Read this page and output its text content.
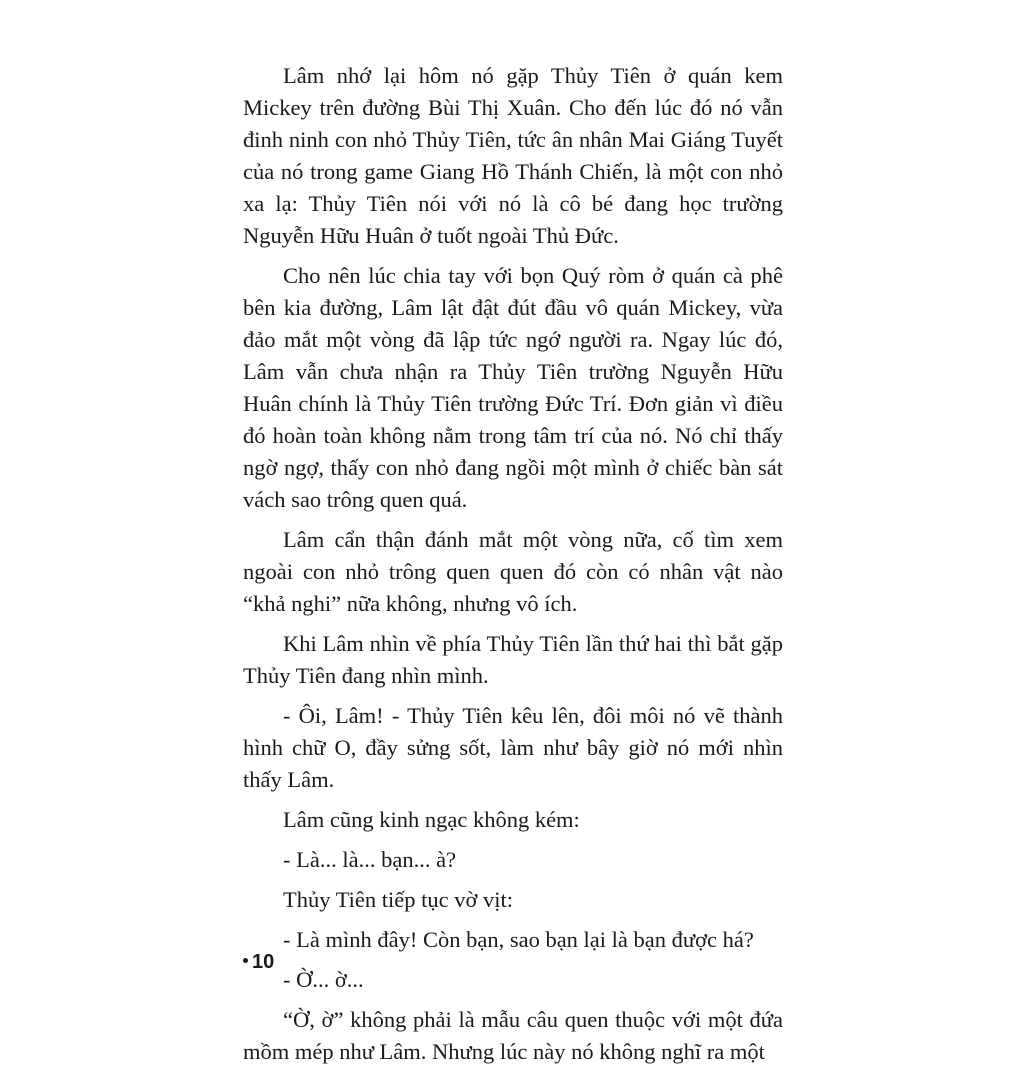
Lâm nhớ lại hôm nó gặp Thủy Tiên ở quán kem Mickey trên đường Bùi Thị Xuân. Cho đến lúc đó nó vẫn đinh ninh con nhỏ Thủy Tiên, tức ân nhân Mai Giáng Tuyết của nó trong game Giang Hồ Thánh Chiến, là một con nhỏ xa lạ: Thủy Tiên nói với nó là cô bé đang học trường Nguyễn Hữu Huân ở tuốt ngoài Thủ Đức.

Cho nên lúc chia tay với bọn Quý ròm ở quán cà phê bên kia đường, Lâm lật đật đút đầu vô quán Mickey, vừa đảo mắt một vòng đã lập tức ngớ người ra. Ngay lúc đó, Lâm vẫn chưa nhận ra Thủy Tiên trường Nguyễn Hữu Huân chính là Thủy Tiên trường Đức Trí. Đơn giản vì điều đó hoàn toàn không nằm trong tâm trí của nó. Nó chỉ thấy ngờ ngợ, thấy con nhỏ đang ngồi một mình ở chiếc bàn sát vách sao trông quen quá.

Lâm cẩn thận đánh mắt một vòng nữa, cố tìm xem ngoài con nhỏ trông quen quen đó còn có nhân vật nào “khả nghi” nữa không, nhưng vô ích.

Khi Lâm nhìn về phía Thủy Tiên lần thứ hai thì bắt gặp Thủy Tiên đang nhìn mình.

- Ôi, Lâm! - Thủy Tiên kêu lên, đôi môi nó vẽ thành hình chữ O, đầy sửng sốt, làm như bây giờ nó mới nhìn thấy Lâm.

Lâm cũng kinh ngạc không kém:

- Là... là... bạn... à?

Thủy Tiên tiếp tục vờ vịt:

- Là mình đây! Còn bạn, sao bạn lại là bạn được há?

- Ờ... ờ...

“Ờ, ờ” không phải là mẫu câu quen thuộc với một đứa mồm mép như Lâm. Nhưng lúc này nó không nghĩ ra một

10
